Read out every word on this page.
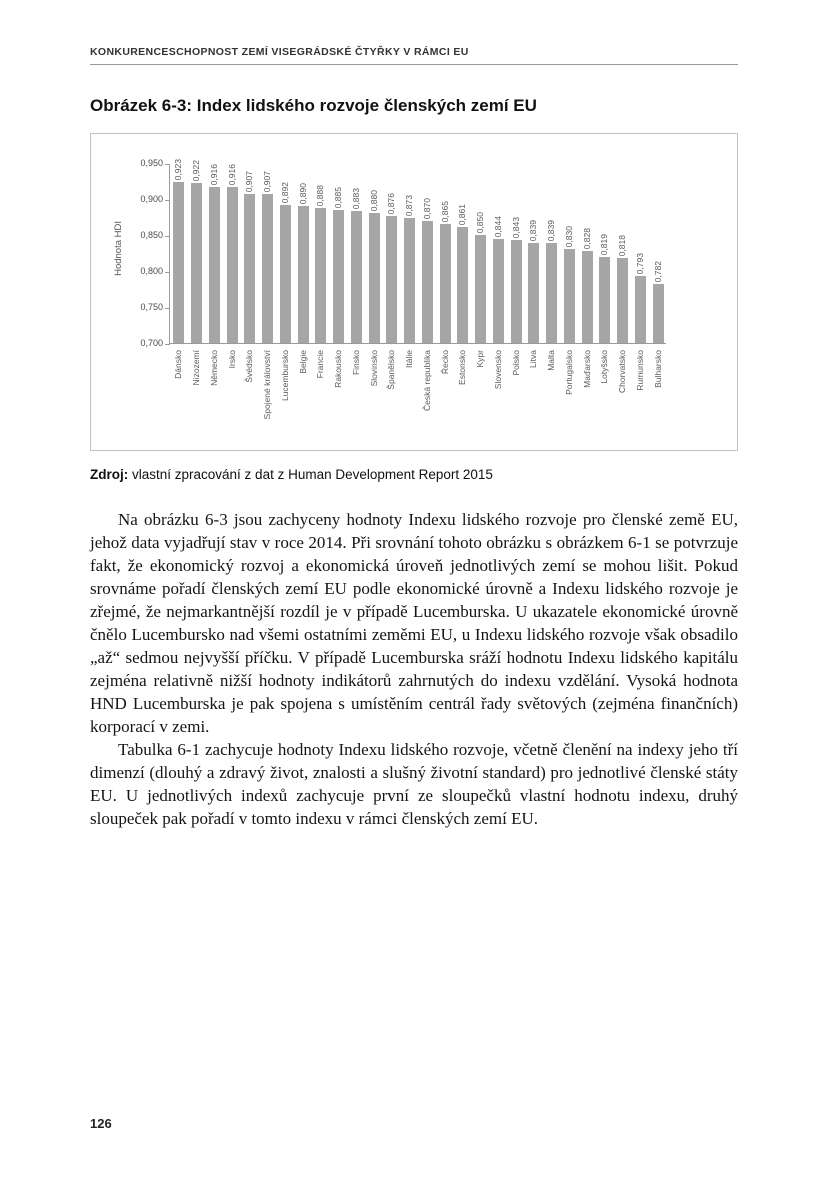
KONKURENCESCHOPNOST ZEMÍ VISEGRÁDSKÉ ČTYŘKY V RÁMCI EU
Obrázek 6-3: Index lidského rozvoje členských zemí EU
Hodnota HDI
0,923
Dánsko
0,922
Nizozemí
0,916
Německo
0,916
Irsko
0,907
Švédsko
0,907
Spojené království
0,892
Lucembursko
0,890
Belgie
0,888
Francie
0,885
Rakousko
0,883
Finsko
0,880
Slovinsko
0,876
Španělsko
0,873
Itálie
0,870
Česká republika
0,865
Řecko
0,861
Estonsko
0,850
Kypr
0,844
Slovensko
0,843
Polsko
0,839
Litva
0,839
Malta
0,830
Portugalsko
0,828
Maďarsko
0,819
Lotyšsko
0,818
Chorvatsko
0,793
Rumunsko
0,782
Bulharsko
0,950
0,900
0,850
0,800
0,750
0,700
Zdroj: vlastní zpracování z dat z Human Development Report 2015

Na obrázku 6-3 jsou zachyceny hodnoty Indexu lidského rozvoje pro členské země EU, jehož data vyjadřují stav v roce 2014. Při srovnání tohoto obrázku s obrázkem 6-1 se potvrzuje fakt, že ekonomický rozvoj a ekonomická úroveň jednotlivých zemí se mohou lišit. Pokud srovnáme pořadí členských zemí EU podle ekonomické úrovně a Indexu lidského rozvoje je zřejmé, že nejmarkantnější rozdíl je v případě Lucemburska. U ukazatele ekonomické úrovně čnělo Lucembursko nad všemi ostatními zeměmi EU, u Indexu lidského rozvoje však obsadilo „až“ sedmou nejvyšší příčku. V případě Lucemburska sráží hodnotu Indexu lidského kapitálu zejména relativně nižší hodnoty indikátorů zahrnutých do indexu vzdělání. Vysoká hodnota HND Lucemburska je pak spojena s umístěním centrál řady světových (zejména finančních) korporací v zemi.

Tabulka 6-1 zachycuje hodnoty Indexu lidského rozvoje, včetně členění na indexy jeho tří dimenzí (dlouhý a zdravý život, znalosti a slušný životní standard) pro jednotlivé členské státy EU. U jednotlivých indexů zachycuje první ze sloupečků vlastní hodnotu indexu, druhý sloupeček pak pořadí v tomto indexu v rámci členských zemí EU.

126
